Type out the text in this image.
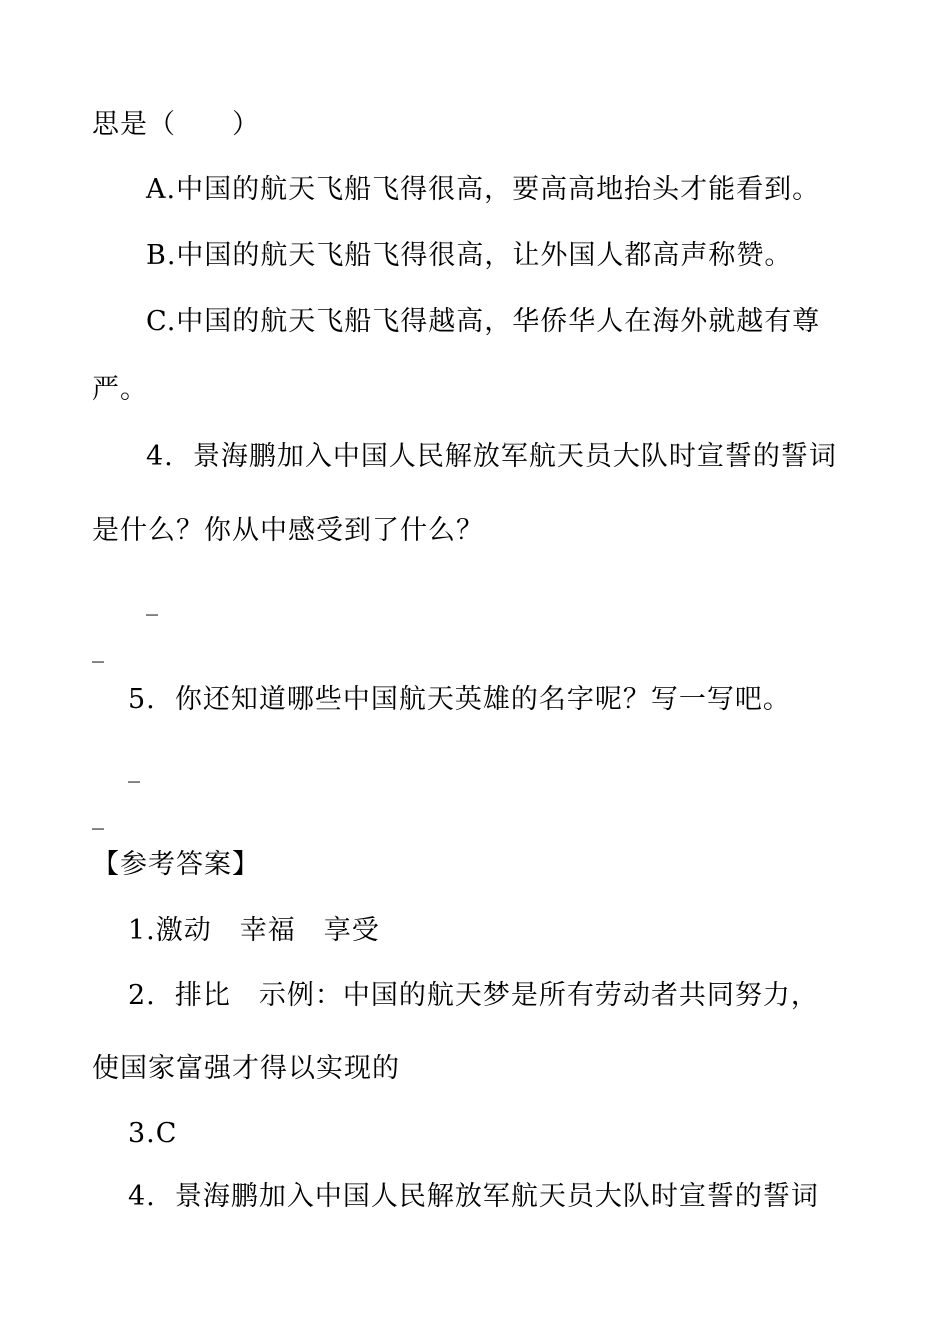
思是（　　）
A.中国的航天飞船飞得很高，要高高地抬头才能看到。
B.中国的航天飞船飞得很高，让外国人都高声称赞。
C.中国的航天飞船飞得越高，华侨华人在海外就越有尊
严。
4.  景海鹏加入中国人民解放军航天员大队时宣誓的誓词
是什么？你从中感受到了什么？
_
_
5.  你还知道哪些中国航天英雄的名字呢？写一写吧。
_
_
【参考答案】
1.激动　幸福　享受
2.  排比　示例：中国的航天梦是所有劳动者共同努力，
使国家富强才得以实现的
3.C
4.  景海鹏加入中国人民解放军航天员大队时宣誓的誓词
